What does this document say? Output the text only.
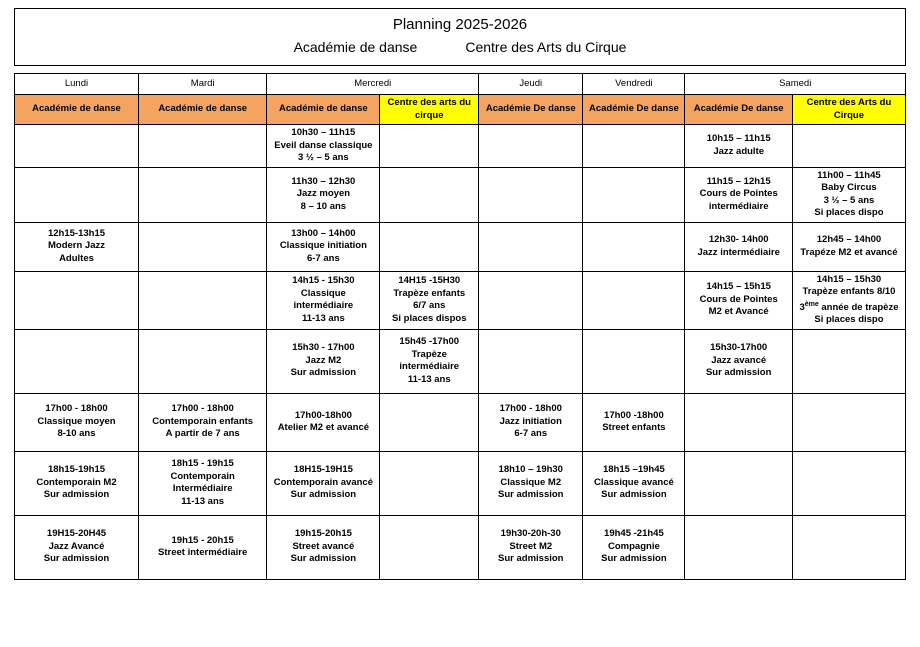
Planning 2025-2026
Académie de danse	Centre des Arts du Cirque
Lundi	Mardi	Mercredi		Jeudi	Vendredi	Samedi	
Académie de danse	Académie de danse	Académie de danse	Centre des arts du cirque	Académie De danse	Académie De danse	Académie De danse	Centre des Arts du Cirque

		10h30 – 11h15
Eveil danse classique
3 ½ – 5 ans				10h15 – 11h15
Jazz adulte	

		11h30 – 12h30
Jazz moyen
8 – 10 ans				11h15 – 12h15
Cours de Pointes
intermédiaire	11h00 – 11h45
Baby Circus
3 ½ – 5 ans
Si places dispo

12h15-13h15
Modern Jazz
Adultes		13h00 – 14h00
Classique initiation
6-7 ans				12h30- 14h00
Jazz intermédiaire	12h45 – 14h00
Trapéze M2 et avancé

		14h15 - 15h30
Classique
intermédiaire
11-13 ans	14H15 -15H30
Trapèze enfants
6/7 ans
Si places dispos			14h15 – 15h15
Cours de Pointes
M2 et Avancé	14h15 – 15h30
Trapèze enfants 8/10
3ème année de trapèze
Si places dispo

		15h30 - 17h00
Jazz M2
Sur admission	15h45 -17h00
Trapèze
intermédiaire
11-13 ans			15h30-17h00
Jazz avancé
Sur admission	

17h00 - 18h00
Classique moyen
8-10 ans	17h00 - 18h00
Contemporain enfants
A partir de 7 ans	17h00-18h00
Atelier M2 et avancé		17h00 - 18h00
Jazz initiation
6-7 ans	17h00 -18h00
Street enfants		

18h15-19h15
Contemporain M2
Sur admission	18h15 - 19h15
Contemporain
Intermédiaire
11-13 ans	18H15-19H15
Contemporain avancé
Sur admission		18h10 – 19h30
Classique M2
Sur admission	18h15 –19h45
Classique avancé
Sur admission		

19H15-20H45
Jazz Avancé
Sur admission	19h15 - 20h15
Street intermédiaire	19h15-20h15
Street avancé
Sur admission		19h30-20h-30
Street M2
Sur admission	19h45 -21h45
Compagnie
Sur admission		
